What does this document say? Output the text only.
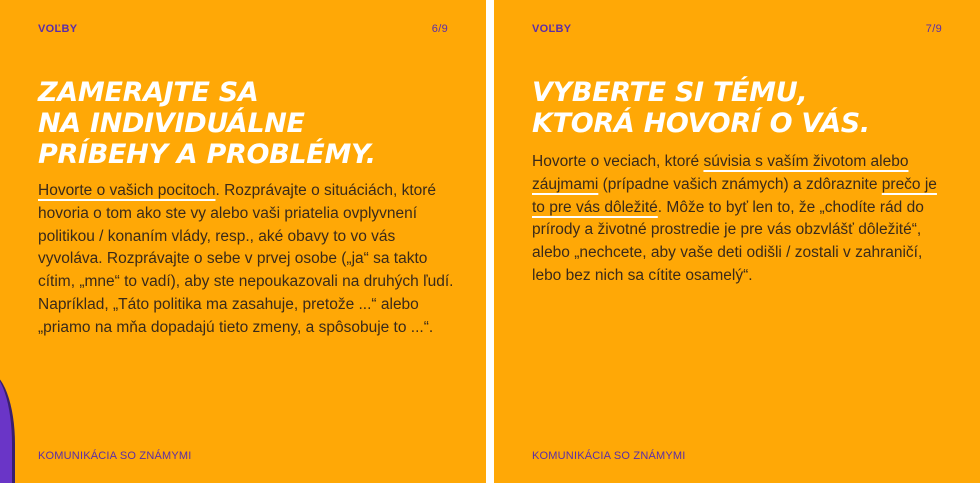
VOĽBY	6/9
ZAMERAJTE SA
NA INDIVIDUÁLNE
PRÍBEHY A PROBLÉMY.

Hovorte o vašich pocitoch. Rozprávajte o situáciách, ktoré hovoria o tom ako ste vy alebo vaši priatelia ovplyvnení politikou / konaním vlády, resp., aké obavy to vo vás vyvoláva. Rozprávajte o sebe v prvej osobe („ja“ sa takto cítim, „mne“ to vadí), aby ste nepoukazovali na druhých ľudí. Napríklad, „Táto politika ma zasahuje, pretože ...“ alebo „priamo na mňa dopadajú tieto zmeny, a spôsobuje to ...“.

KOMUNIKÁCIA SO ZNÁMYMI
VOĽBY	7/9
VYBERTE SI TÉMU,
KTORÁ HOVORÍ O VÁS.

Hovorte o veciach, ktoré súvisia s vaším životom alebo záujmami (prípadne vašich známych) a zdôraznite prečo je to pre vás dôležité. Môže to byť len to, že „chodíte rád do prírody a životné prostredie je pre vás obzvlášť dôležité“, alebo „nechcete, aby vaše deti odišli / zostali v zahraničí, lebo bez nich sa cítite osamelý“.

KOMUNIKÁCIA SO ZNÁMYMI
